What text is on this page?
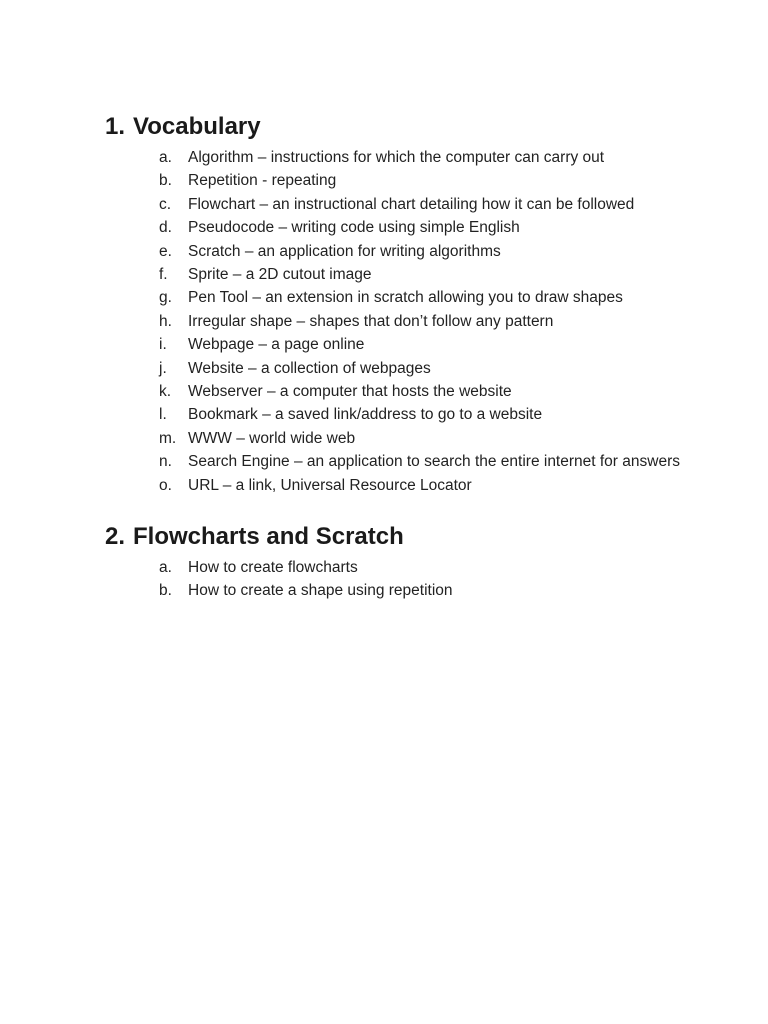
1. Vocabulary
a. Algorithm – instructions for which the computer can carry out
b. Repetition - repeating
c. Flowchart – an instructional chart detailing how it can be followed
d. Pseudocode – writing code using simple English
e. Scratch – an application for writing algorithms
f. Sprite – a 2D cutout image
g. Pen Tool – an extension in scratch allowing you to draw shapes
h. Irregular shape – shapes that don’t follow any pattern
i. Webpage – a page online
j. Website – a collection of webpages
k. Webserver – a computer that hosts the website
l. Bookmark – a saved link/address to go to a website
m. WWW – world wide web
n. Search Engine – an application to search the entire internet for answers
o. URL – a link, Universal Resource Locator
2. Flowcharts and Scratch
a. How to create flowcharts
b. How to create a shape using repetition
